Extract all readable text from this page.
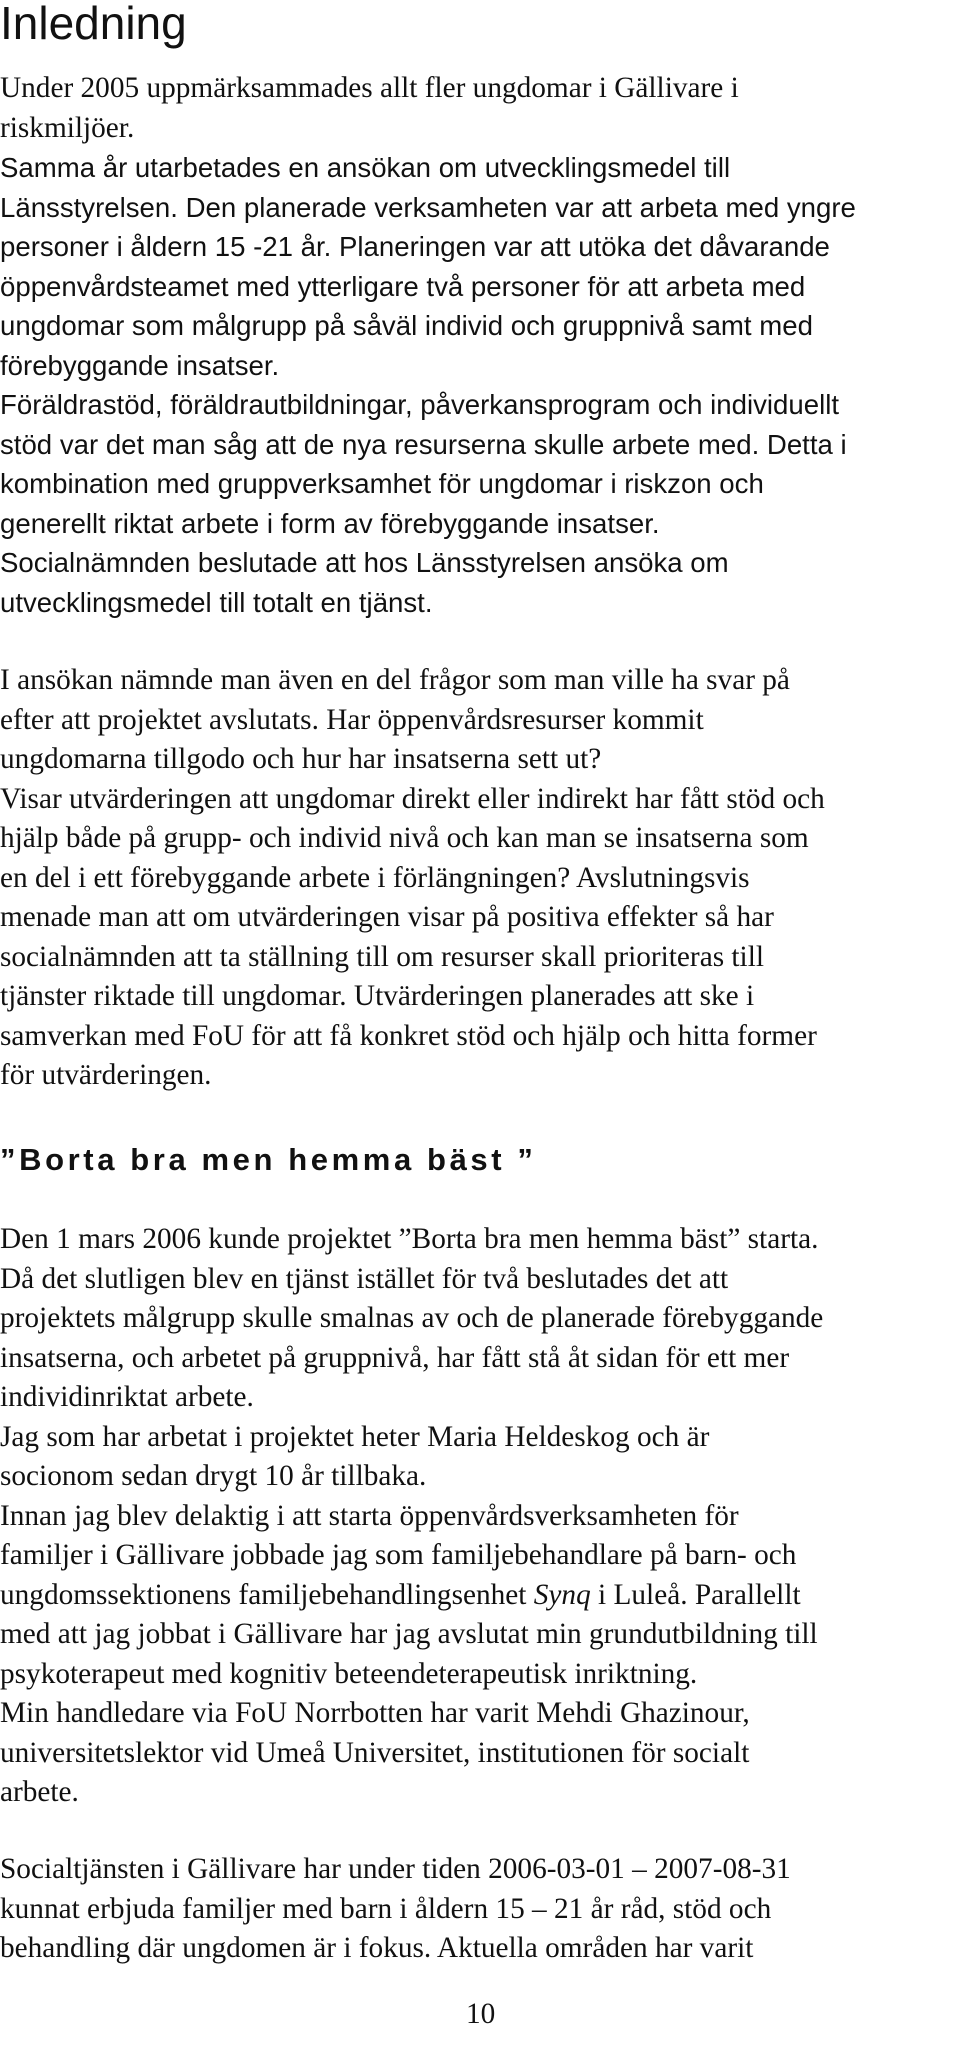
Inledning
Under 2005 uppmärksammades allt fler ungdomar i Gällivare i
riskmiljöer.
Samma år utarbetades en ansökan om utvecklingsmedel till
Länsstyrelsen. Den planerade verksamheten var att arbeta med yngre
personer i åldern 15 -21 år. Planeringen var att utöka det dåvarande
öppenvårdsteamet med ytterligare två personer för att arbeta med
ungdomar som målgrupp på såväl individ och gruppnivå samt med
förebyggande insatser.
Föräldrastöd, föräldrautbildningar, påverkansprogram och individuellt
stöd var det man såg att de nya resurserna skulle arbete med. Detta i
kombination med gruppverksamhet för ungdomar i riskzon och
generellt riktat arbete i form av förebyggande insatser.
Socialnämnden beslutade att hos Länsstyrelsen ansöka om
utvecklingsmedel till totalt en tjänst.
I ansökan nämnde man även en del frågor som man ville ha svar på
efter att projektet avslutats. Har öppenvårdsresurser kommit
ungdomarna tillgodo och hur har insatserna sett ut?
Visar utvärderingen att ungdomar direkt eller indirekt har fått stöd och
hjälp både på grupp- och individ nivå och kan man se insatserna som
en del i ett förebyggande arbete i förlängningen? Avslutningsvis
menade man att om utvärderingen visar på positiva effekter så har
socialnämnden att ta ställning till om resurser skall prioriteras till
tjänster riktade till ungdomar. Utvärderingen planerades att ske i
samverkan med FoU för att få konkret stöd och hjälp och hitta former
för utvärderingen.
”Borta bra men hemma bäst ”
Den 1 mars 2006 kunde projektet ”Borta bra men hemma bäst” starta.
Då det slutligen blev en tjänst istället för två beslutades det att
projektets målgrupp skulle smalnas av och de planerade förebyggande
insatserna, och arbetet på gruppnivå, har fått stå åt sidan för ett mer
individinriktat arbete.
Jag som har arbetat i projektet heter Maria Heldeskog och är
socionom sedan drygt 10 år tillbaka.
Innan jag blev delaktig i att starta öppenvårdsverksamheten för
familjer i Gällivare jobbade jag som familjebehandlare på barn- och
ungdomssektionens familjebehandlingsenhet Synq i Luleå. Parallellt
med att jag jobbat i Gällivare har jag avslutat min grundutbildning till
psykoterapeut med kognitiv beteendeterapeutisk inriktning.
Min handledare via FoU Norrbotten har varit Mehdi Ghazinour,
universitetslektor vid Umeå Universitet, institutionen för socialt
arbete.
Socialtjänsten i Gällivare har under tiden 2006-03-01 – 2007-08-31
kunnat erbjuda familjer med barn i åldern 15 – 21 år råd, stöd och
behandling där ungdomen är i fokus. Aktuella områden har varit
10
